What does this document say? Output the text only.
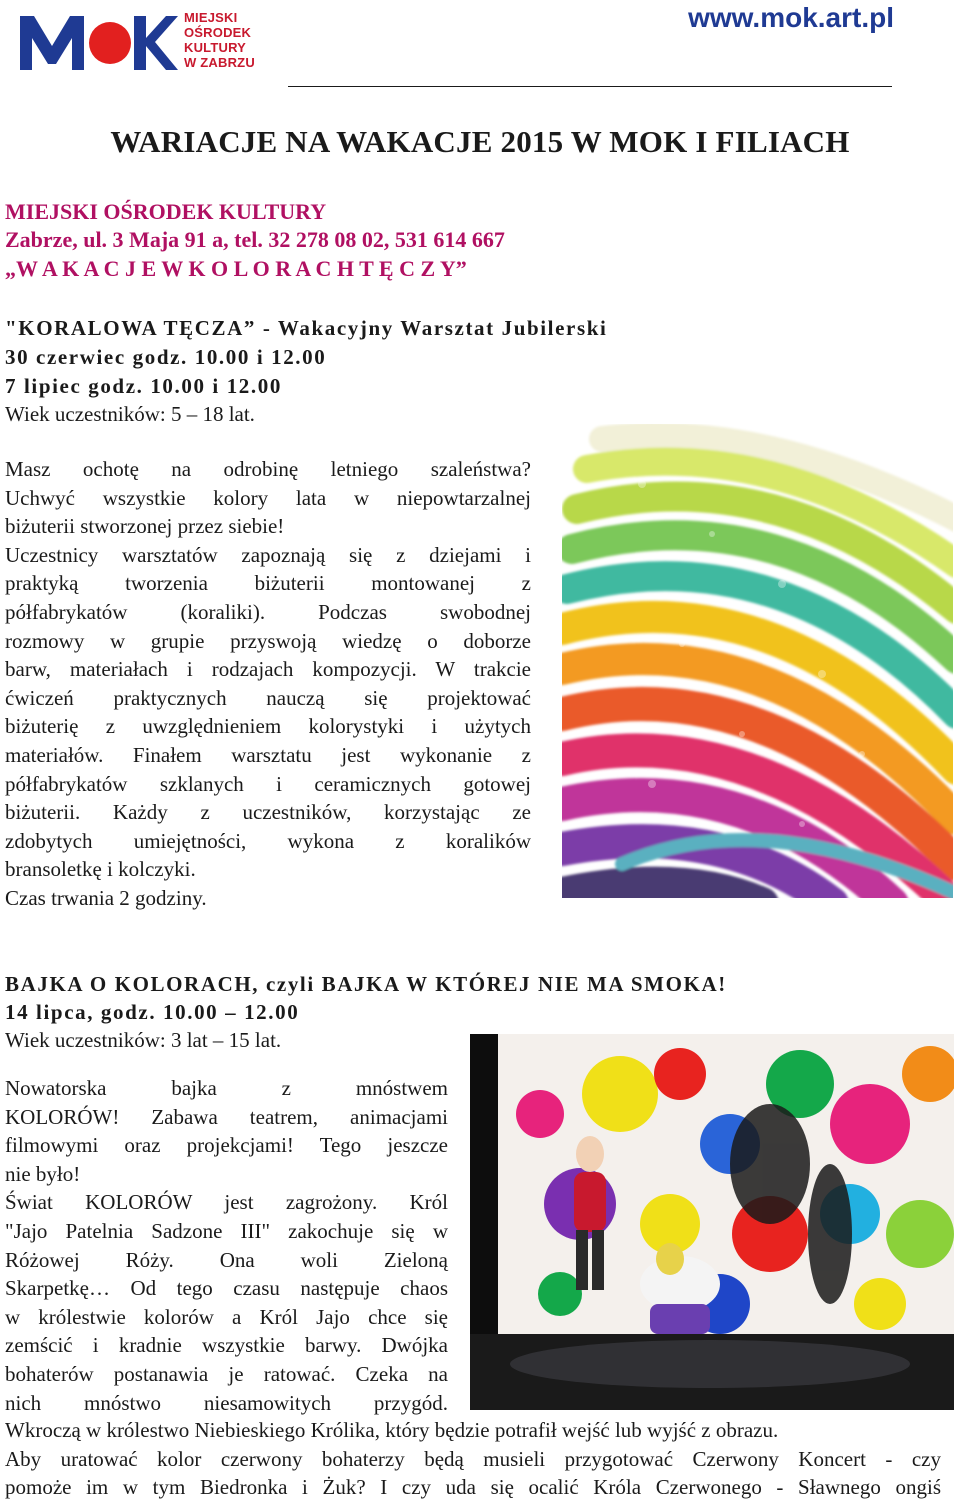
MIEJSKI
OŚRODEK
KULTURY
W ZABRZU
www.mok.art.pl
WARIACJE NA WAKACJE 2015 W MOK I FILIACH
MIEJSKI OŚRODEK KULTURY
Zabrze, ul. 3 Maja 91 a, tel. 32 278 08 02, 531 614 667
„W A K A C J E W K O L O R A C H T Ę C Z Y”
"KORALOWA TĘCZA” - Wakacyjny Warsztat Jubilerski
30 czerwiec godz. 10.00 i 12.00
7 lipiec godz. 10.00 i 12.00
Wiek uczestników: 5 – 18 lat.

Masz ochotę na odrobinę letniego szaleństwa?

Uchwyć wszystkie kolory lata w niepowtarzalnej

biżuterii stworzonej przez siebie!

Uczestnicy warsztatów zapoznają się z dziejami i

praktyką tworzenia biżuterii montowanej z

półfabrykatów (koraliki). Podczas swobodnej

rozmowy w grupie przyswoją wiedzę o doborze

barw, materiałach i rodzajach kompozycji. W trakcie

ćwiczeń praktycznych nauczą się projektować

biżuterię z uwzględnieniem kolorystyki i użytych

materiałów. Finałem warsztatu jest wykonanie z

półfabrykatów szklanych i ceramicznych gotowej

biżuterii. Każdy z uczestników, korzystając ze

zdobytych umiejętności, wykona z koralików

bransoletkę i kolczyki.

Czas trwania 2 godziny.

BAJKA O KOLORACH, czyli BAJKA W KTÓREJ NIE MA SMOKA!
14 lipca, godz. 10.00 – 12.00
Wiek uczestników: 3 lat – 15 lat.

Nowatorska bajka z mnóstwem

KOLORÓW! Zabawa teatrem, animacjami

filmowymi oraz projekcjami! Tego jeszcze

nie było!

Świat KOLORÓW jest zagrożony. Król

"Jajo Patelnia Sadzone III" zakochuje się w

Różowej Róży. Ona woli Zieloną

Skarpetkę… Od tego czasu następuje chaos

w królestwie kolorów a Król Jajo chce się

zemścić i kradnie wszystkie barwy. Dwójka

bohaterów postanawia je ratować. Czeka na

nich mnóstwo niesamowitych przygód.

Wkroczą w królestwo Niebieskiego Królika, który będzie potrafił wejść lub wyjść z obrazu.
Aby uratować kolor czerwony bohaterzy będą musieli przygotować Czerwony Koncert - czy
pomoże im w tym Biedronka i Żuk? I czy uda się ocalić Króla Czerwonego - Sławnego ongiś
